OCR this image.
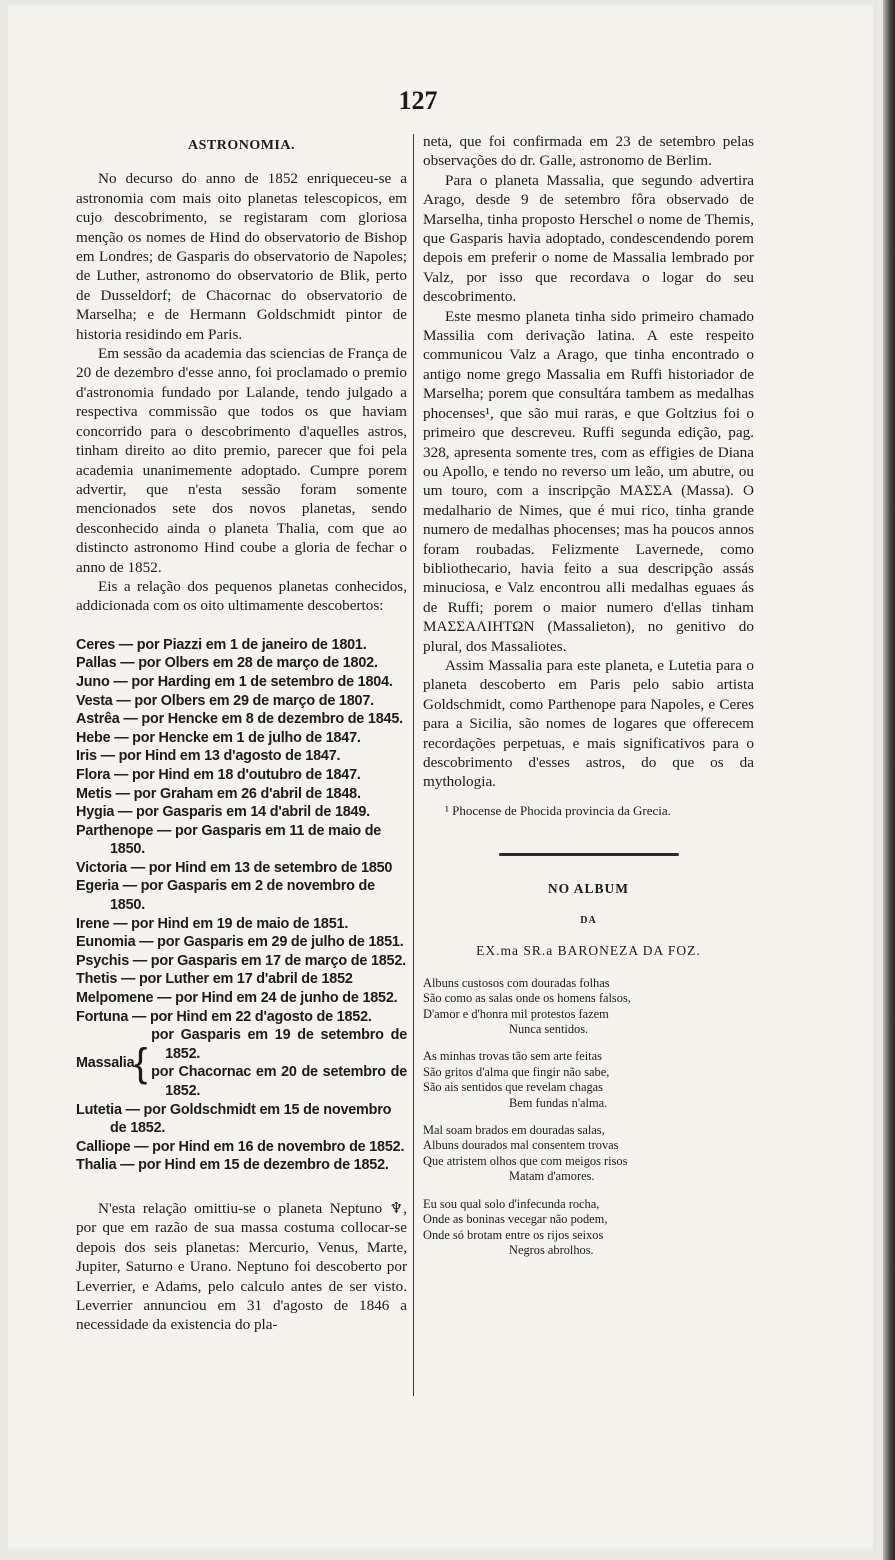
127
ASTRONOMIA.

No decurso do anno de 1852 enriqueceu-se a astronomia com mais oito planetas telescopicos, em cujo descobrimento, se registaram com gloriosa menção os nomes de Hind do observatorio de Bishop em Londres; de Gasparis do observatorio de Napoles; de Luther, astronomo do observatorio de Blik, perto de Dusseldorf; de Chacornac do observatorio de Marselha; e de Hermann Goldschmidt pintor de historia residindo em Paris.

Em sessão da academia das sciencias de França de 20 de dezembro d'esse anno, foi proclamado o premio d'astronomia fundado por Lalande, tendo julgado a respectiva commissão que todos os que haviam concorrido para o descobrimento d'aquelles astros, tinham direito ao dito premio, parecer que foi pela academia unanimemente adoptado. Cumpre porem advertir, que n'esta sessão foram somente mencionados sete dos novos planetas, sendo desconhecido ainda o planeta Thalia, com que ao distincto astronomo Hind coube a gloria de fechar o anno de 1852.

Eis a relação dos pequenos planetas conhecidos, addicionada com os oito ultimamente descobertos:

Ceres — por Piazzi em 1 de janeiro de 1801.
Pallas — por Olbers em 28 de março de 1802.
Juno — por Harding em 1 de setembro de 1804.
Vesta — por Olbers em 29 de março de 1807.
Astrêa — por Hencke em 8 de dezembro de 1845.
Hebe — por Hencke em 1 de julho de 1847.
Iris — por Hind em 13 d'agosto de 1847.
Flora — por Hind em 18 d'outubro de 1847.
Metis — por Graham em 26 d'abril de 1848.
Hygia — por Gasparis em 14 d'abril de 1849.
Parthenope — por Gasparis em 11 de maio de 1850.
Victoria — por Hind em 13 de setembro de 1850
Egeria — por Gasparis em 2 de novembro de 1850.
Irene — por Hind em 19 de maio de 1851.
Eunomia — por Gasparis em 29 de julho de 1851.
Psychis — por Gasparis em 17 de março de 1852.
Thetis — por Luther em 17 d'abril de 1852
Melpomene — por Hind em 24 de junho de 1852.
Fortuna — por Hind em 22 d'agosto de 1852.
Massalia {
por Gasparis em 19 de setembro de 1852.
por Chacornac em 20 de setembro de 1852.
Lutetia — por Goldschmidt em 15 de novembro de 1852.
Calliope — por Hind em 16 de novembro de 1852.
Thalia — por Hind em 15 de dezembro de 1852.

N'esta relação omittiu-se o planeta Neptuno ♆, por que em razão de sua massa costuma collocar-se depois dos seis planetas: Mercurio, Venus, Marte, Jupiter, Saturno e Urano. Neptuno foi descoberto por Leverrier, e Adams, pelo calculo antes de ser visto. Leverrier annunciou em 31 d'agosto de 1846 a necessidade da existencia do pla-

neta, que foi confirmada em 23 de setembro pelas observações do dr. Galle, astronomo de Berlim.

Para o planeta Massalia, que segundo advertira Arago, desde 9 de setembro fôra observado de Marselha, tinha proposto Herschel o nome de Themis, que Gasparis havia adoptado, condescendendo porem depois em preferir o nome de Massalia lembrado por Valz, por isso que recordava o logar do seu descobrimento.

Este mesmo planeta tinha sido primeiro chamado Massilia com derivação latina. A este respeito communicou Valz a Arago, que tinha encontrado o antigo nome grego Massalia em Ruffi historiador de Marselha; porem que consultára tambem as medalhas phocenses¹, que são mui raras, e que Goltzius foi o primeiro que descreveu. Ruffi segunda edição, pag. 328, apresenta somente tres, com as effigies de Diana ou Apollo, e tendo no reverso um leão, um abutre, ou um touro, com a inscripção ΜΑΣΣΑ (Massa). O medalhario de Nimes, que é mui rico, tinha grande numero de medalhas phocenses; mas ha poucos annos foram roubadas. Felizmente Lavernede, como bibliothecario, havia feito a sua descripção assás minuciosa, e Valz encontrou alli medalhas eguaes ás de Ruffi; porem o maior numero d'ellas tinham ΜΑΣΣΑΛΙΗΤΩΝ (Massalieton), no genitivo do plural, dos Massaliotes.

Assim Massalia para este planeta, e Lutetia para o planeta descoberto em Paris pelo sabio artista Goldschmidt, como Parthenope para Napoles, e Ceres para a Sicilia, são nomes de logares que offerecem recordações perpetuas, e mais significativos para o descobrimento d'esses astros, do que os da mythologia.

¹ Phocense de Phocida provincia da Grecia.

NO ALBUM
DA
EX.ma SR.a BARONEZA DA FOZ.
Albuns custosos com douradas folhas
São como as salas onde os homens falsos,
D'amor e d'honra mil protestos fazem
Nunca sentidos.
As minhas trovas tão sem arte feitas
São gritos d'alma que fingir não sabe,
São ais sentidos que revelam chagas
Bem fundas n'alma.
Mal soam brados em douradas salas,
Albuns dourados mal consentem trovas
Que atristem olhos que com meigos risos
Matam d'amores.
Eu sou qual solo d'infecunda rocha,
Onde as boninas vecegar não podem,
Onde só brotam entre os rijos seixos
Negros abrolhos.
